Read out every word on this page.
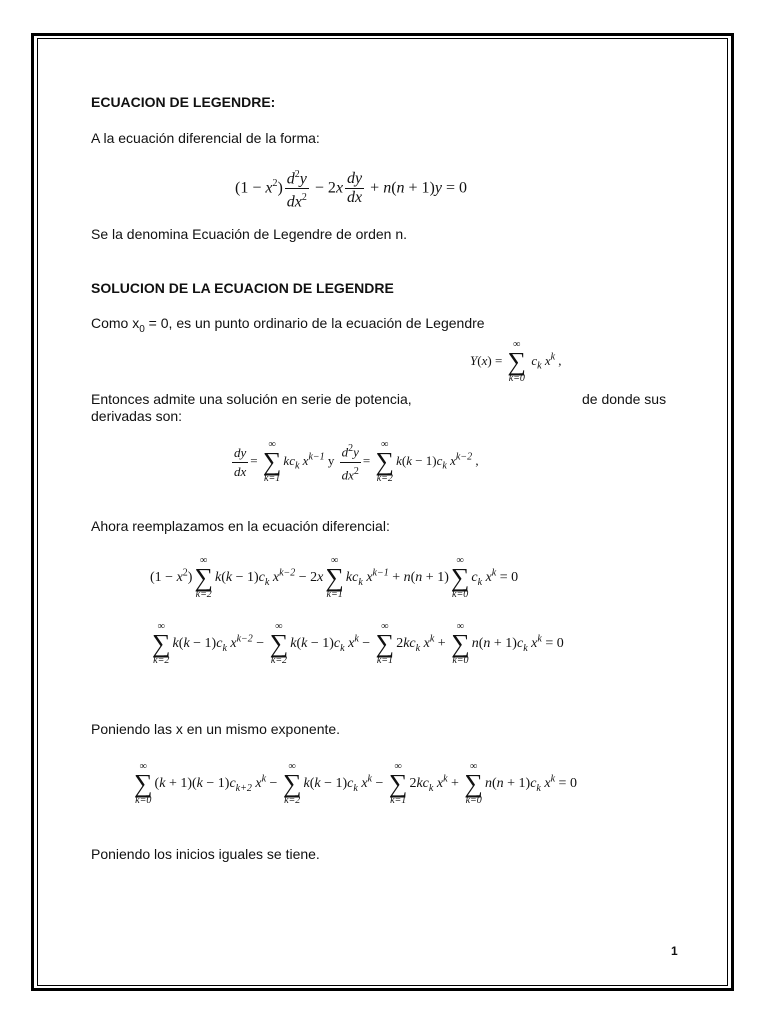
ECUACION DE LEGENDRE:
A la ecuación diferencial de la forma:
$(1 - x^2) \frac{d^2y}{dx^2} - 2x \frac{dy}{dx} + n(n + 1)y = 0$
Se la denomina Ecuación de Legendre de orden n.
SOLUCION DE LA ECUACION DE LEGENDRE
Como $x_0 = 0$, es un punto ordinario de la ecuación de Legendre
Y(x) =
∞
∑
k=0
$c_k$ $x^k$ ,
Entonces admite una solución en serie de potencia,	de donde sus
derivadas son:
$\frac{dy}{dx}$ =
∞
∑
k=1
$kc_k$ $x^{k-1}$ y $\frac{d^2y}{dx^2}$ =
∞
∑
k=2
$k(k - 1)c_k$ $x^{k-2}$ ,
Ahora reemplazamos en la ecuación diferencial:
$(1 - x^2)$
∞
∑
k=2
$k(k - 1)c_k$ $x^{k-2} - 2x$
∞
∑
k=1
$kc_k$ $x^{k-1} + n(n + 1)$
∞
∑
k=0
$c_k$ $x^k = 0$
∞
∑
k=2
$k(k - 1)c_k$ $x^{k-2}$ −
∞
∑
k=2
$k(k - 1)c_k$ $x^k$ −
∞
∑
k=1
$2kc_k$ $x^k$ +
∞
∑
k=0
$n(n + 1)c_k$ $x^k = 0$
Poniendo las x en un mismo exponente.
∞
∑
k=0
$(k + 1)(k - 1)c_{k+2}$ $x^k$ −
∞
∑
k=2
$k(k - 1)c_k$ $x^k$ −
∞
∑
k=1
$2kc_k$ $x^k$ +
∞
∑
k=0
$n(n + 1)c_k$ $x^k = 0$
Poniendo los inicios iguales se tiene.
1
